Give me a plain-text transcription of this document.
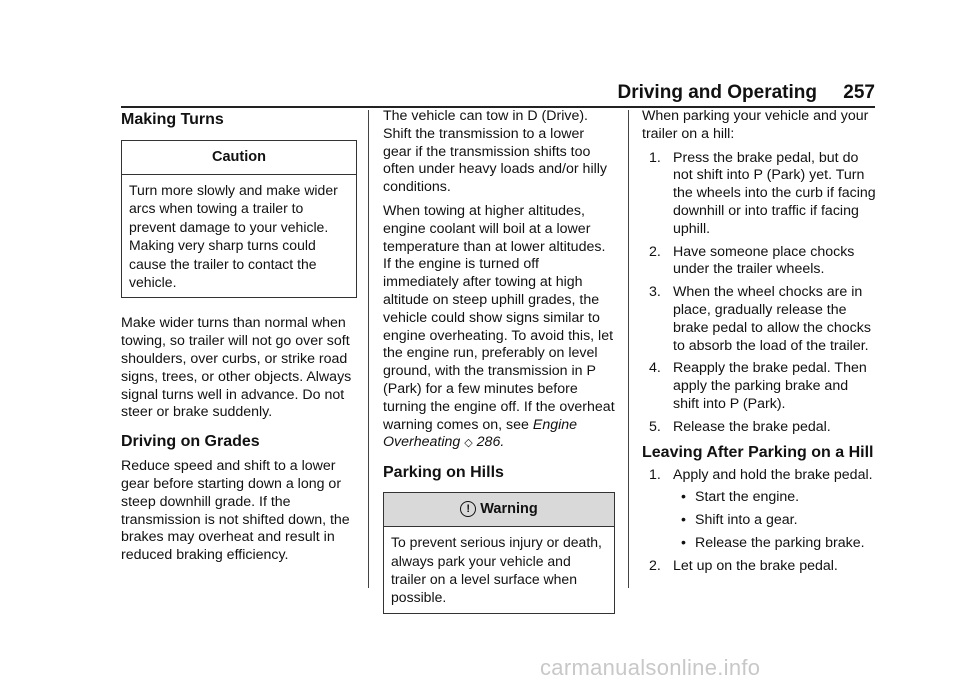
Driving and Operating 257
Making Turns
Caution
Turn more slowly and make wider arcs when towing a trailer to prevent damage to your vehicle. Making very sharp turns could cause the trailer to contact the vehicle.

Make wider turns than normal when towing, so trailer will not go over soft shoulders, over curbs, or strike road signs, trees, or other objects. Always signal turns well in advance. Do not steer or brake suddenly.

Driving on Grades

Reduce speed and shift to a lower gear before starting down a long or steep downhill grade. If the transmission is not shifted down, the brakes may overheat and result in reduced braking efficiency.

The vehicle can tow in D (Drive). Shift the transmission to a lower gear if the transmission shifts too often under heavy loads and/or hilly conditions.

When towing at higher altitudes, engine coolant will boil at a lower temperature than at lower altitudes. If the engine is turned off immediately after towing at high altitude on steep uphill grades, the vehicle could show signs similar to engine overheating. To avoid this, let the engine run, preferably on level ground, with the transmission in P (Park) for a few minutes before turning the engine off. If the overheat warning comes on, see Engine Overheating ◇ 286.

Parking on Hills
! Warning
To prevent serious injury or death, always park your vehicle and trailer on a level surface when possible.

When parking your vehicle and your trailer on a hill:

1. Press the brake pedal, but do not shift into P (Park) yet. Turn the wheels into the curb if facing downhill or into traffic if facing uphill.
2. Have someone place chocks under the trailer wheels.
3. When the wheel chocks are in place, gradually release the brake pedal to allow the chocks to absorb the load of the trailer.
4. Reapply the brake pedal. Then apply the parking brake and shift into P (Park).
5. Release the brake pedal.
Leaving After Parking on a Hill
1. Apply and hold the brake pedal.
• Start the engine.
• Shift into a gear.
• Release the parking brake.
2. Let up on the brake pedal.
carmanualsonline.info
